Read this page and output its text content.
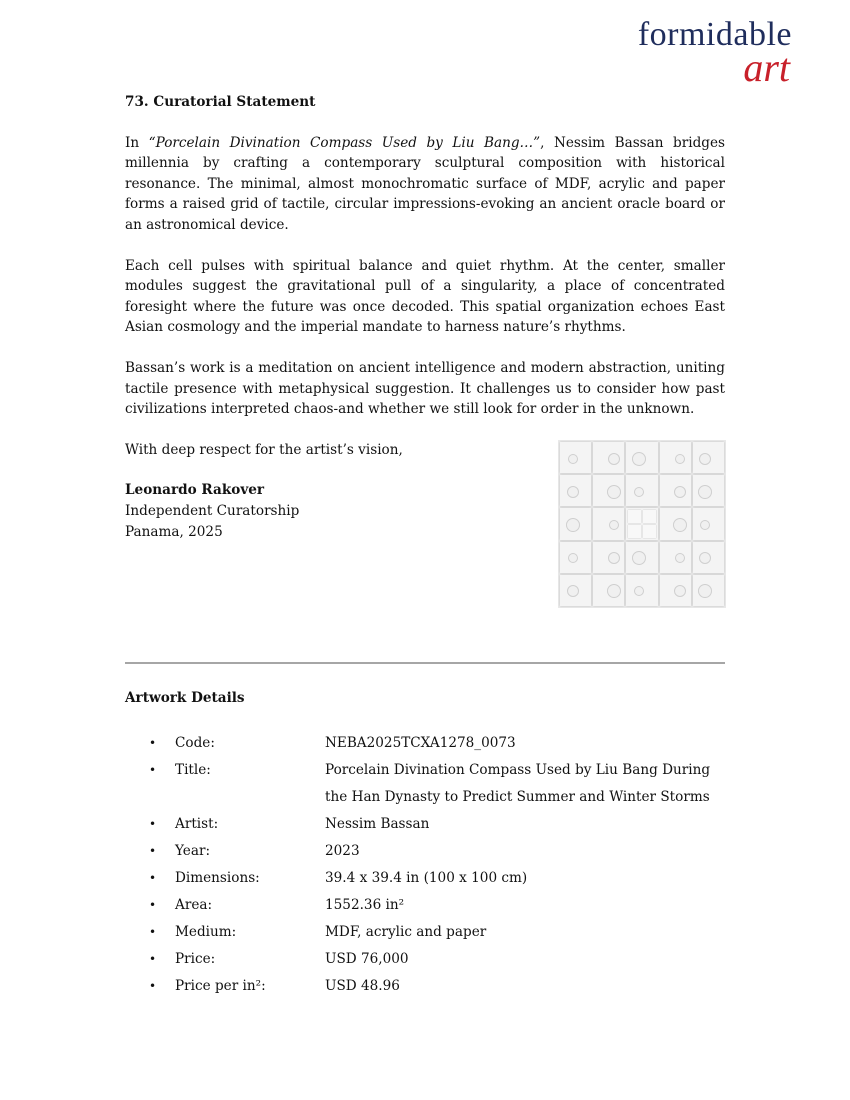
formidable
art
73. Curatorial Statement

In “Porcelain Divination Compass Used by Liu Bang…”, Nessim Bassan bridges millennia by crafting a contemporary sculptural composition with historical resonance. The minimal, almost monochromatic surface of MDF, acrylic and paper forms a raised grid of tactile, circular impressions-evoking an ancient oracle board or an astronomical device.

Each cell pulses with spiritual balance and quiet rhythm. At the center, smaller modules suggest the gravitational pull of a singularity, a place of concentrated foresight where the future was once decoded. This spatial organization echoes East Asian cosmology and the imperial mandate to harness nature’s rhythms.

Bassan’s work is a meditation on ancient intelligence and modern abstraction, uniting tactile presence with metaphysical suggestion. It challenges us to consider how past civilizations interpreted chaos-and whether we still look for order in the unknown.

With deep respect for the artist’s vision,

Leonardo Rakover
Independent Curatorship
Panama, 2025
Artwork Details
• Code:	NEBA2025TCXA1278_0073
• Title:	Porcelain Divination Compass Used by Liu Bang During the Han Dynasty to Predict Summer and Winter Storms
• Artist:	Nessim Bassan
• Year:	2023
• Dimensions:	39.4 x 39.4 in (100 x 100 cm)
• Area:	1552.36 in²
• Medium:	MDF, acrylic and paper
• Price:	USD 76,000
• Price per in²:	USD 48.96
